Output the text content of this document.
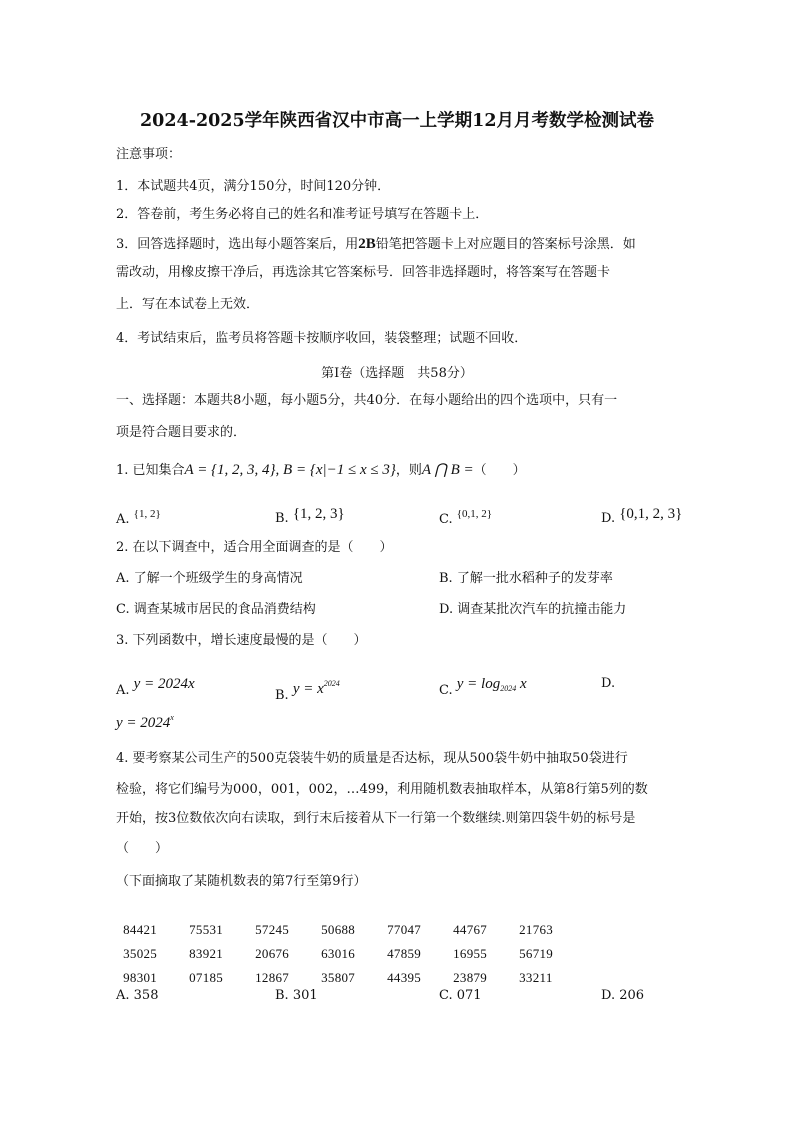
2024-2025学年陕西省汉中市高一上学期12月月考数学检测试卷
注意事项：
1．本试题共4页，满分150分，时间120分钟．
2．答卷前，考生务必将自己的姓名和准考证号填写在答题卡上．
3．回答选择题时，选出每小题答案后，用2B铅笔把答题卡上对应题目的答案标号涂黑．如
需改动，用橡皮擦干净后，再选涂其它答案标号．回答非选择题时，将答案写在答题卡
上．写在本试卷上无效．
4．考试结束后，监考员将答题卡按顺序收回，装袋整理；试题不回收．
第Ⅰ卷（选择题　共58分）
一、选择题：本题共8小题，每小题5分，共40分．在每小题给出的四个选项中，只有一
项是符合题目要求的．
1. 已知集合A = {1, 2, 3, 4}, B = {x|−1 ≤ x ≤ 3}，则A ⋂ B =（　　）
A. $^{\{1, 2\}}$	B. {1, 2, 3}	C. $^{\{0,1, 2\}}$	D. {0,1, 2, 3}
2. 在以下调查中，适合用全面调查的是（　　）
A. 了解一个班级学生的身高情况	B. 了解一批水稻种子的发芽率
C. 调查某城市居民的食品消费结构	D. 调查某批次汽车的抗撞击能力
3. 下列函数中，增长速度最慢的是（　　）
A. y = 2024x
B. $y = x^{2024}$	C. $y = \log_{2024} x$	D.
$y = 2024^x$
4. 要考察某公司生产的500克袋装牛奶的质量是否达标，现从500袋牛奶中抽取50袋进行
检验，将它们编号为000，001，002，…499，利用随机数表抽取样本，从第8行第5列的数
开始，按3位数依次向右读取，到行末后接着从下一行第一个数继续.则第四袋牛奶的标号是
（　　）
（下面摘取了某随机数表的第7行至第9行）

84421 75531 57245 50688 77047 44767 21763

35025 83921 20676 63016 47859 16955 56719

98301 07185 12867 35807 44395 23879 33211

A. 358	B. 301	C. 071	D. 206
